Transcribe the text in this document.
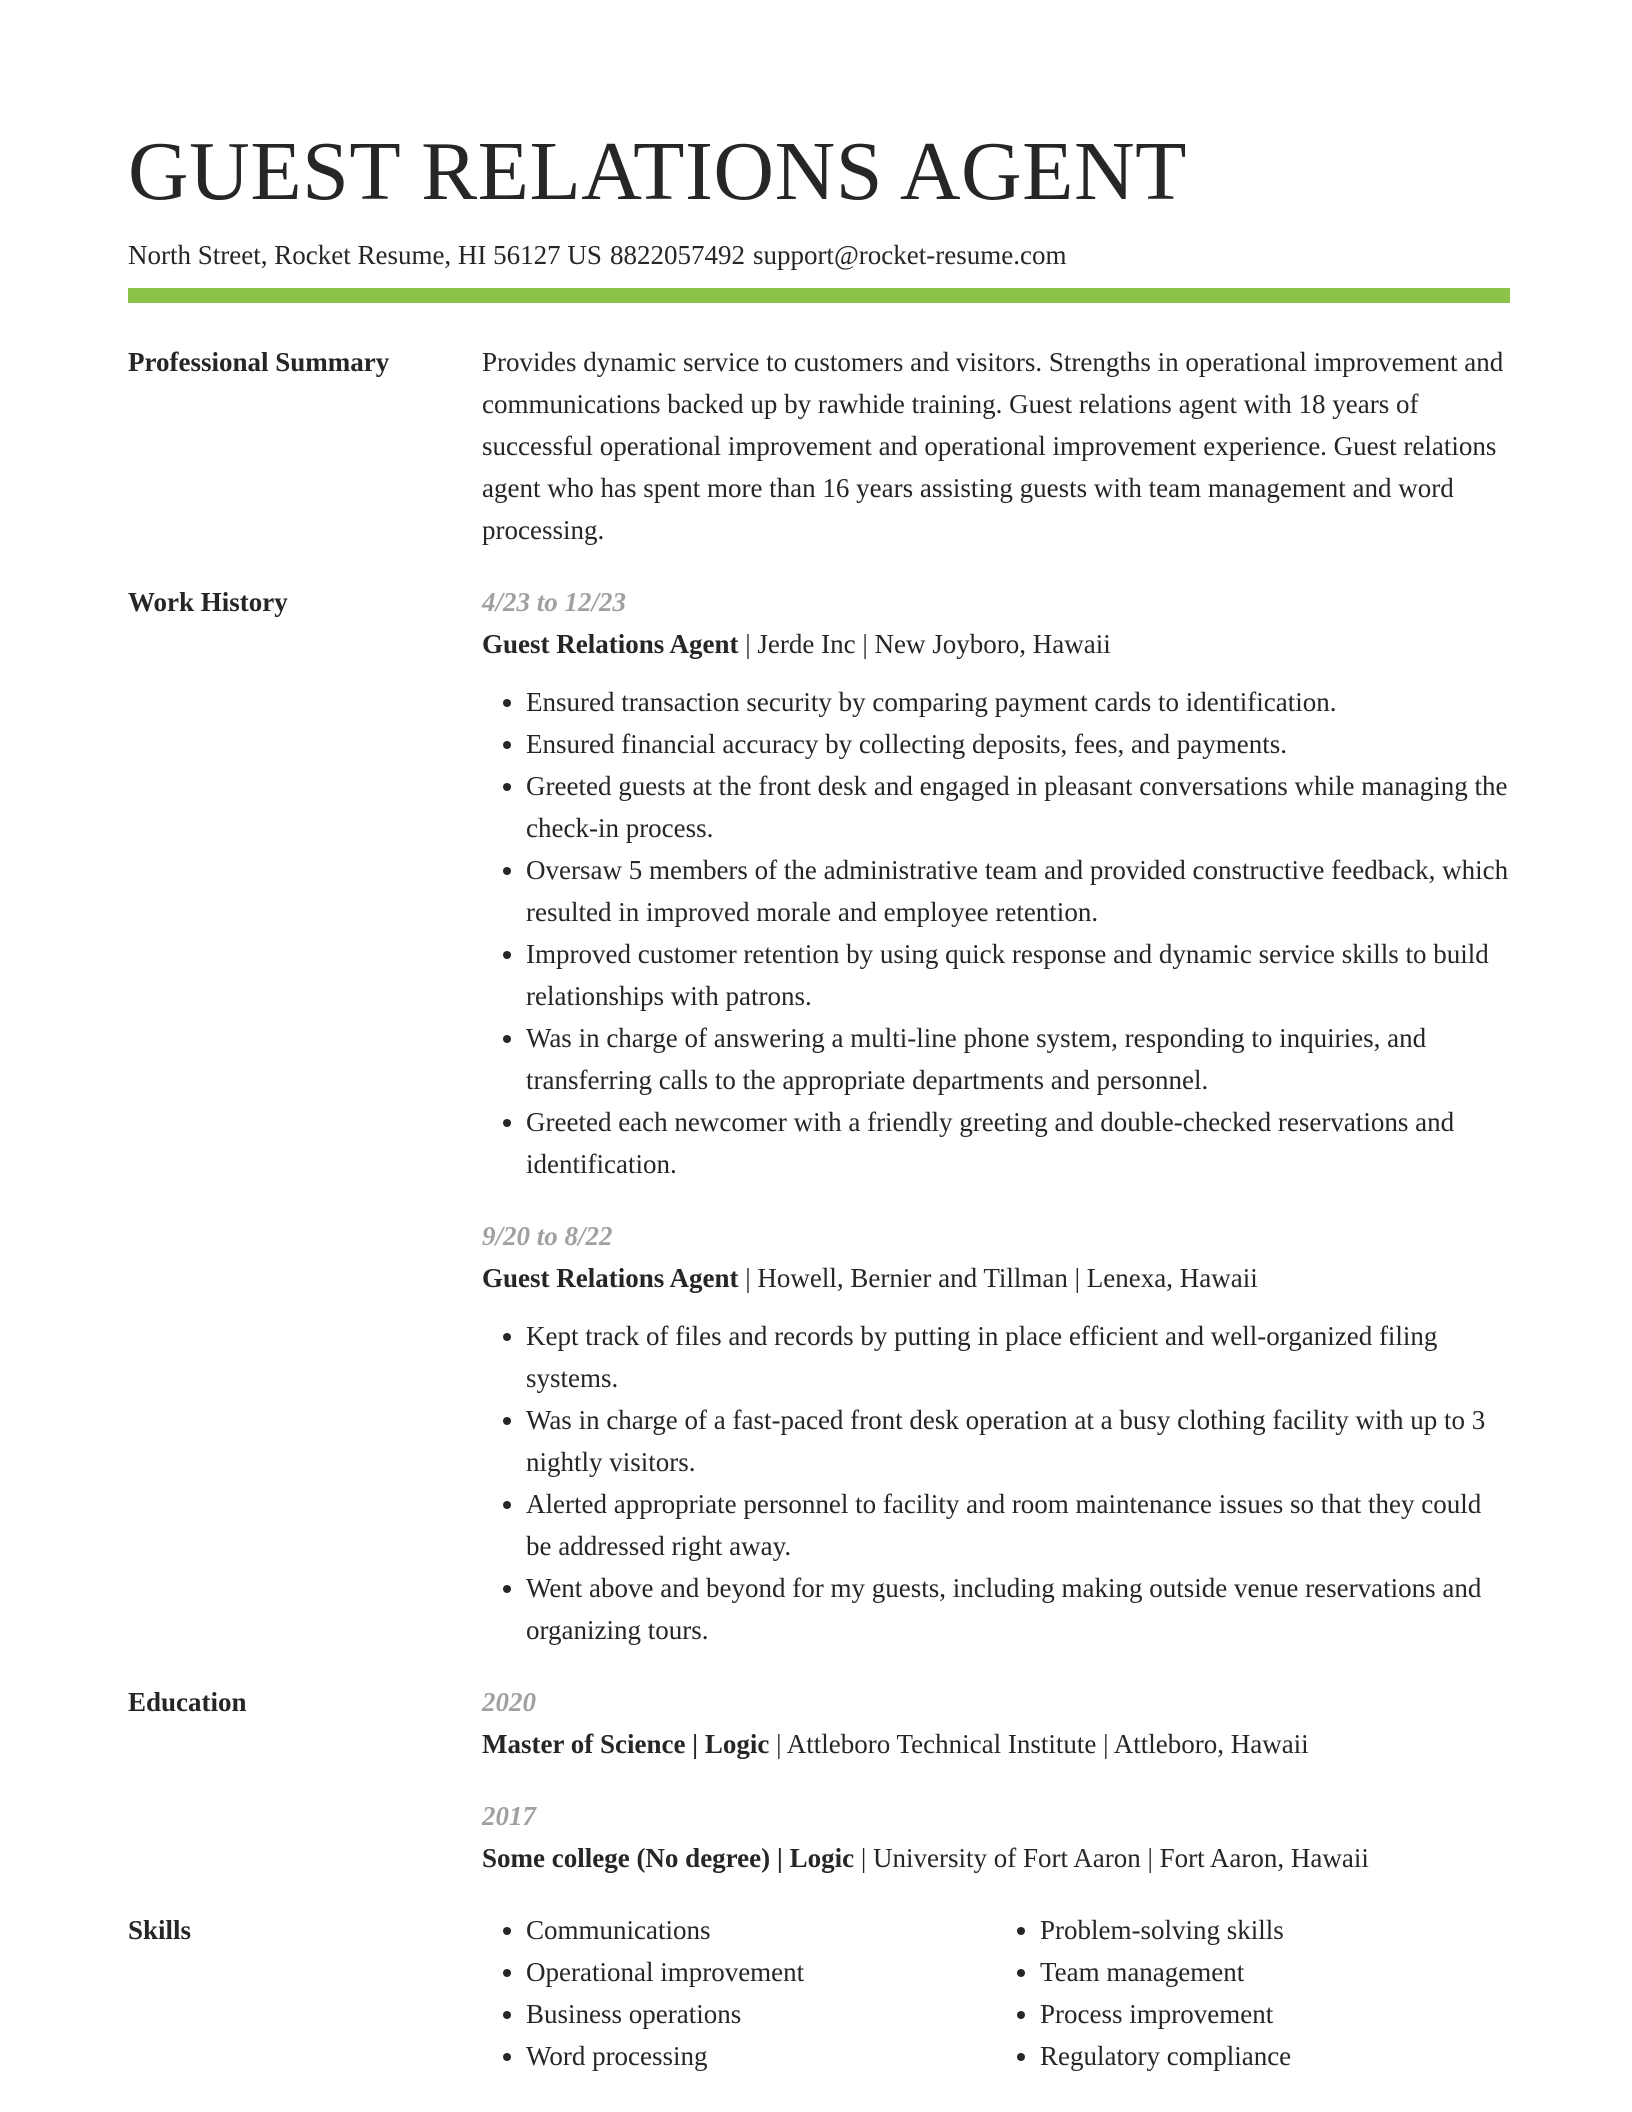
GUEST RELATIONS AGENT
North Street, Rocket Resume, HI 56127 US 8822057492 support@rocket-resume.com
Professional Summary	Provides dynamic service to customers and visitors. Strengths in operational improvement and communications backed up by rawhide training. Guest relations agent with 18 years of successful operational improvement and operational improvement experience. Guest relations agent who has spent more than 16 years assisting guests with team management and word processing.
Work History	4/23 to 12/23
Guest Relations Agent | Jerde Inc | New Joyboro, Hawaii
• Ensured transaction security by comparing payment cards to identification.
• Ensured financial accuracy by collecting deposits, fees, and payments.
• Greeted guests at the front desk and engaged in pleasant conversations while managing the check-in process.
• Oversaw 5 members of the administrative team and provided constructive feedback, which resulted in improved morale and employee retention.
• Improved customer retention by using quick response and dynamic service skills to build relationships with patrons.
• Was in charge of answering a multi-line phone system, responding to inquiries, and transferring calls to the appropriate departments and personnel.
• Greeted each newcomer with a friendly greeting and double-checked reservations and identification.
9/20 to 8/22
Guest Relations Agent | Howell, Bernier and Tillman | Lenexa, Hawaii
• Kept track of files and records by putting in place efficient and well-organized filing systems.
• Was in charge of a fast-paced front desk operation at a busy clothing facility with up to 3 nightly visitors.
• Alerted appropriate personnel to facility and room maintenance issues so that they could be addressed right away.
• Went above and beyond for my guests, including making outside venue reservations and organizing tours.
Education	2020
Master of Science | Logic | Attleboro Technical Institute | Attleboro, Hawaii
2017
Some college (No degree) | Logic | University of Fort Aaron | Fort Aaron, Hawaii
Skills
•	Communications
• Operational improvement
• Business operations
• Word processing
• Problem-solving skills
• Team management
• Process improvement
• Regulatory compliance
